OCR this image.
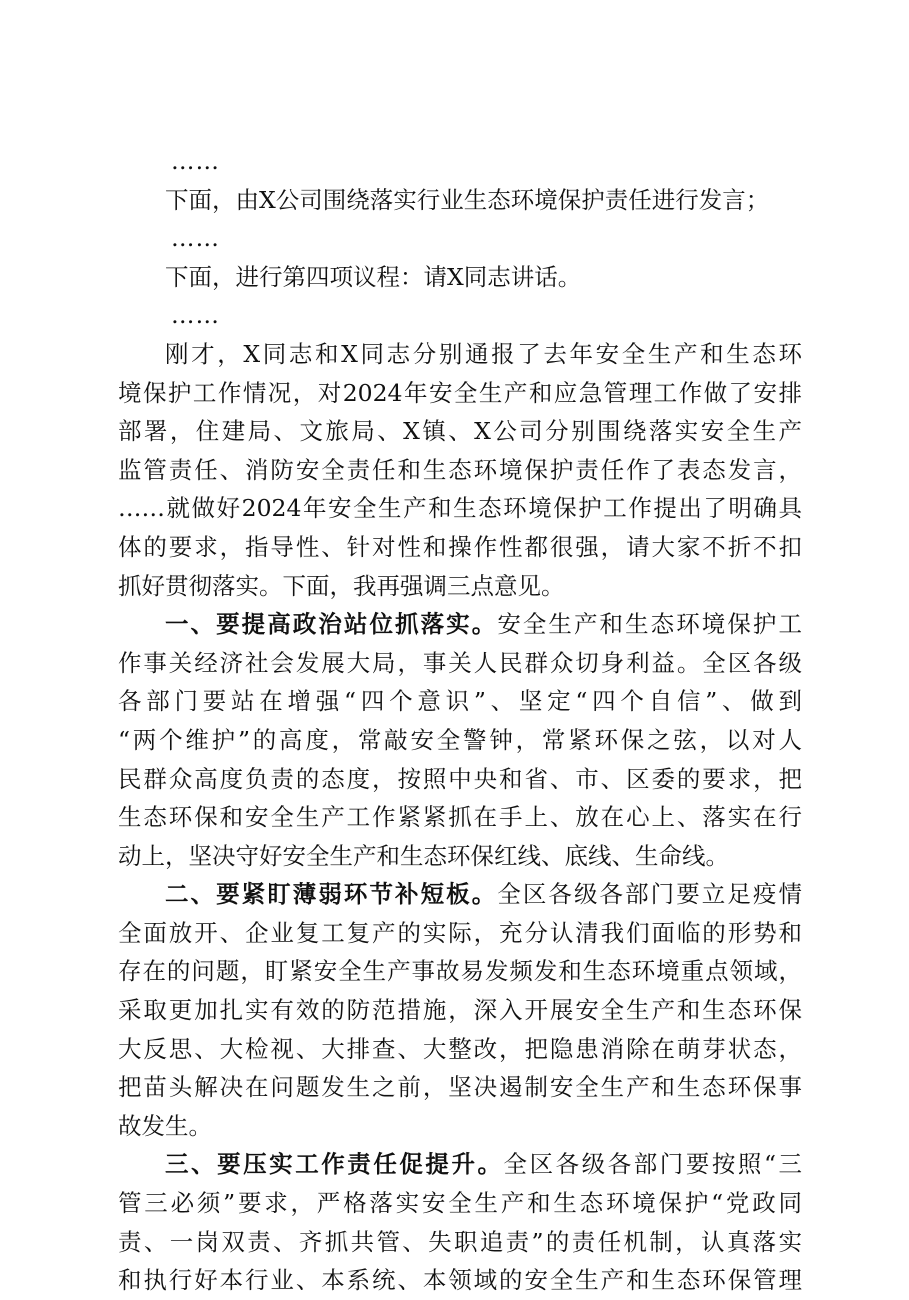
……
下面，由X公司围绕落实行业生态环境保护责任进行发言；
……
下面，进行第四项议程：请X同志讲话。
……
刚才，X同志和X同志分别通报了去年安全生产和生态环
境保护工作情况，对2024年安全生产和应急管理工作做了安排
部署，住建局、文旅局、X镇、X公司分别围绕落实安全生产
监管责任、消防安全责任和生态环境保护责任作了表态发言，
……就做好2024年安全生产和生态环境保护工作提出了明确具
体的要求，指导性、针对性和操作性都很强，请大家不折不扣
抓好贯彻落实。下面，我再强调三点意见。
一、要提高政治站位抓落实。安全生产和生态环境保护工
作事关经济社会发展大局，事关人民群众切身利益。全区各级
各部门要站在增强“四个意识”、坚定“四个自信”、做到
“两个维护”的高度，常敲安全警钟，常紧环保之弦，以对人
民群众高度负责的态度，按照中央和省、市、区委的要求，把
生态环保和安全生产工作紧紧抓在手上、放在心上、落实在行
动上，坚决守好安全生产和生态环保红线、底线、生命线。
二、要紧盯薄弱环节补短板。全区各级各部门要立足疫情
全面放开、企业复工复产的实际，充分认清我们面临的形势和
存在的问题，盯紧安全生产事故易发频发和生态环境重点领域，
采取更加扎实有效的防范措施，深入开展安全生产和生态环保
大反思、大检视、大排查、大整改，把隐患消除在萌芽状态，
把苗头解决在问题发生之前，坚决遏制安全生产和生态环保事
故发生。
三、要压实工作责任促提升。全区各级各部门要按照“三
管三必须”要求，严格落实安全生产和生态环境保护“党政同
责、一岗双责、齐抓共管、失职追责”的责任机制，认真落实
和执行好本行业、本系统、本领域的安全生产和生态环保管理
